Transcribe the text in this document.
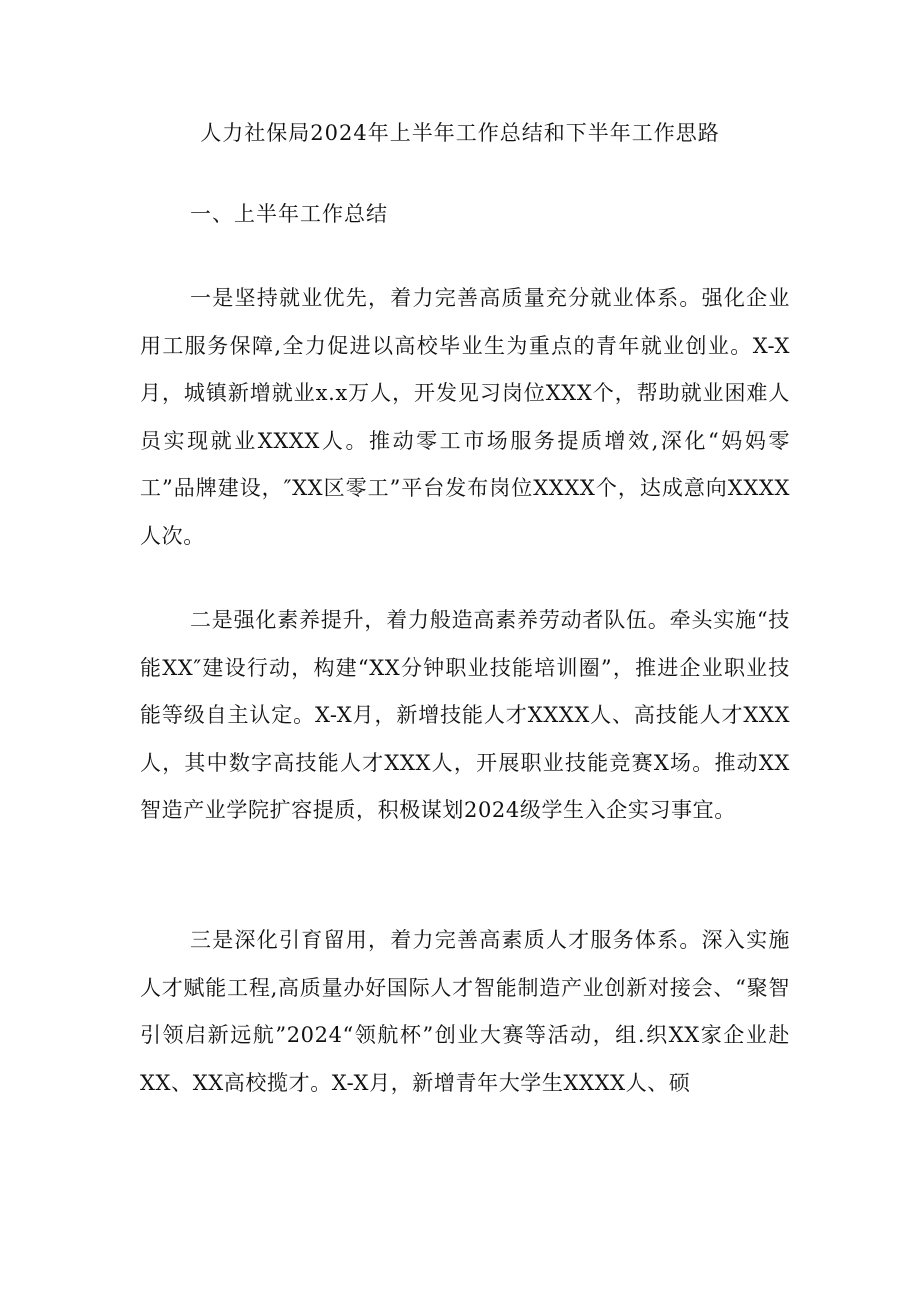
人力社保局2024年上半年工作总结和下半年工作思路
一、上半年工作总结

一是坚持就业优先，着力完善高质量充分就业体系。强化企业用工服务保障,全力促进以高校毕业生为重点的青年就业创业。X-X月，城镇新增就业x.x万人，开发见习岗位XXX个，帮助就业困难人员实现就业XXXX人。推动零工市场服务提质增效,深化“妈妈零工”品牌建设，″XX区零工”平台发布岗位XXXX个，达成意向XXXX人次。

二是强化素养提升，着力般造高素养劳动者队伍。牵头实施“技能XX″建设行动，构建“XX分钟职业技能培训圈”，推进企业职业技能等级自主认定。X-X月，新增技能人才XXXX人、高技能人才XXX人，其中数字高技能人才XXX人，开展职业技能竞赛X场。推动XX智造产业学院扩容提质，积极谋划2024级学生入企实习事宜。

三是深化引育留用，着力完善高素质人才服务体系。深入实施人才赋能工程,高质量办好国际人才智能制造产业创新对接会、“聚智引领启新远航”2024“领航杯”创业大赛等活动，组.织XX家企业赴XX、XX高校揽才。X-X月，新增青年大学生XXXX人、硕
